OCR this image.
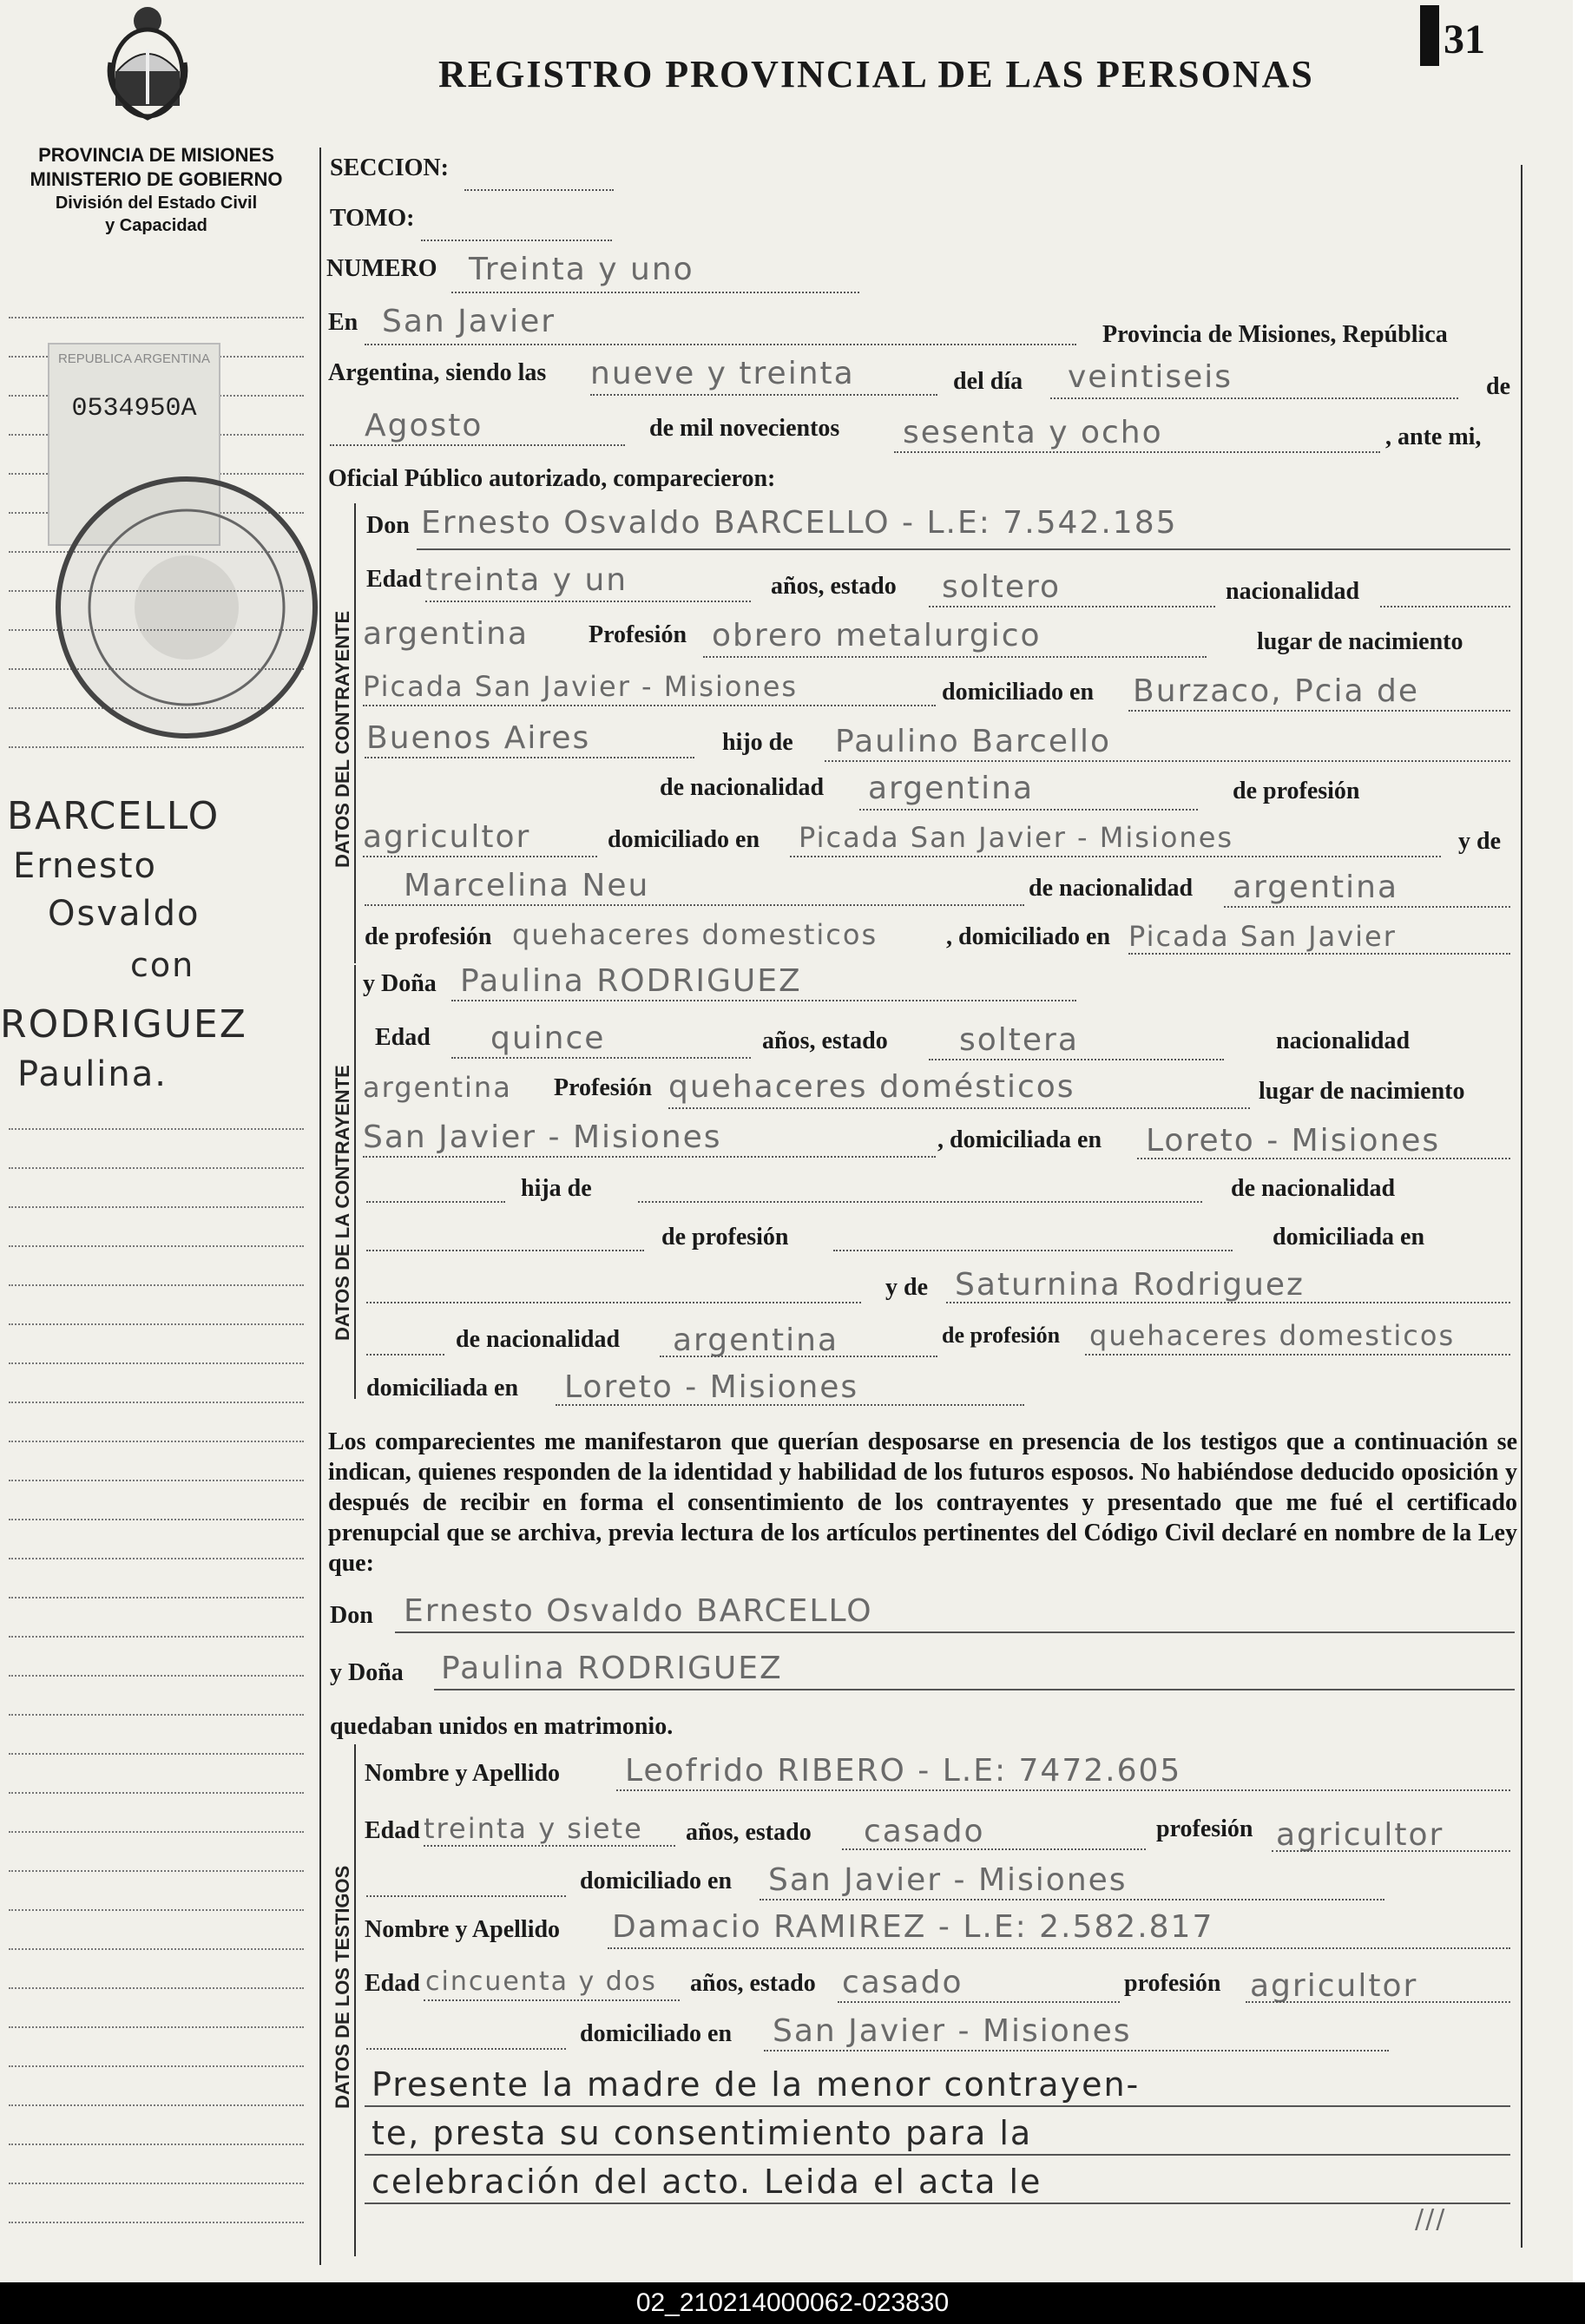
REGISTRO PROVINCIAL DE LAS PERSONAS
31
PROVINCIA DE MISIONES
MINISTERIO DE GOBIERNO
División del Estado Civil
y Capacidad
REPUBLICA ARGENTINA
0534950A
BARCELLO
Ernesto
Osvaldo
con
RODRIGUEZ
Paulina.
SECCION:
TOMO:
NUMERO Treinta y uno
En San Javier	Provincia de Misiones, República
Argentina, siendo las nueve y treinta	del día veintiseis	de
Agosto	de mil novecientos sesenta y ocho	, ante mi,
Oficial Público autorizado, comparecieron:
DATOS DEL CONTRAYENTE
Don Ernesto Osvaldo BARCELLO - L.E: 7.542.185
Edad treinta y un	años, estado soltero	nacionalidad
argentina Profesión obrero metalurgico	lugar de nacimiento
Picada San Javier - Misiones	domiciliado en Burzaco, Pcia de
Buenos Aires	hijo de Paulino Barcello
de nacionalidad argentina	de profesión
agricultor	domiciliado en Picada San Javier - Misiones	y de
Marcelina Neu	de nacionalidad argentina
de profesión quehaceres domesticos	, domiciliado en Picada San Javier
DATOS DE LA CONTRAYENTE
y Doña Paulina RODRIGUEZ
Edad quince	años, estado soltera	nacionalidad
argentina Profesión quehaceres domésticos	lugar de nacimiento
San Javier - Misiones	, domiciliada en Loreto - Misiones
hija de	de nacionalidad
de profesión	domiciliada en
y de Saturnina Rodriguez
de nacionalidad argentina	de profesión quehaceres domesticos
domiciliada en Loreto - Misiones
Los comparecientes me manifestaron que querían desposarse en presencia de los testigos que a continuación se indican, quienes responden de la identidad y habilidad de los futuros esposos. No habiéndose deducido oposición y después de recibir en forma el consentimiento de los contrayentes y presentado que me fué el certificado prenupcial que se archiva, previa lectura de los artículos pertinentes del Código Civil declaré en nombre de la Ley que:
Don Ernesto Osvaldo BARCELLO
y Doña Paulina RODRIGUEZ
quedaban unidos en matrimonio.
DATOS DE LOS TESTIGOS
Nombre y Apellido Leofrido RIBERO - L.E: 7472.605
Edad treinta y siete años, estado casado	profesión agricultor
domiciliado en San Javier - Misiones
Nombre y Apellido Damacio RAMIREZ - L.E: 2.582.817
Edad cincuenta y dos años, estado casado	profesión agricultor
domiciliado en San Javier - Misiones
Presente la madre de la menor contrayen-
te, presta su consentimiento para la
celebración del acto. Leida el acta le
///
02_210214000062-023830
